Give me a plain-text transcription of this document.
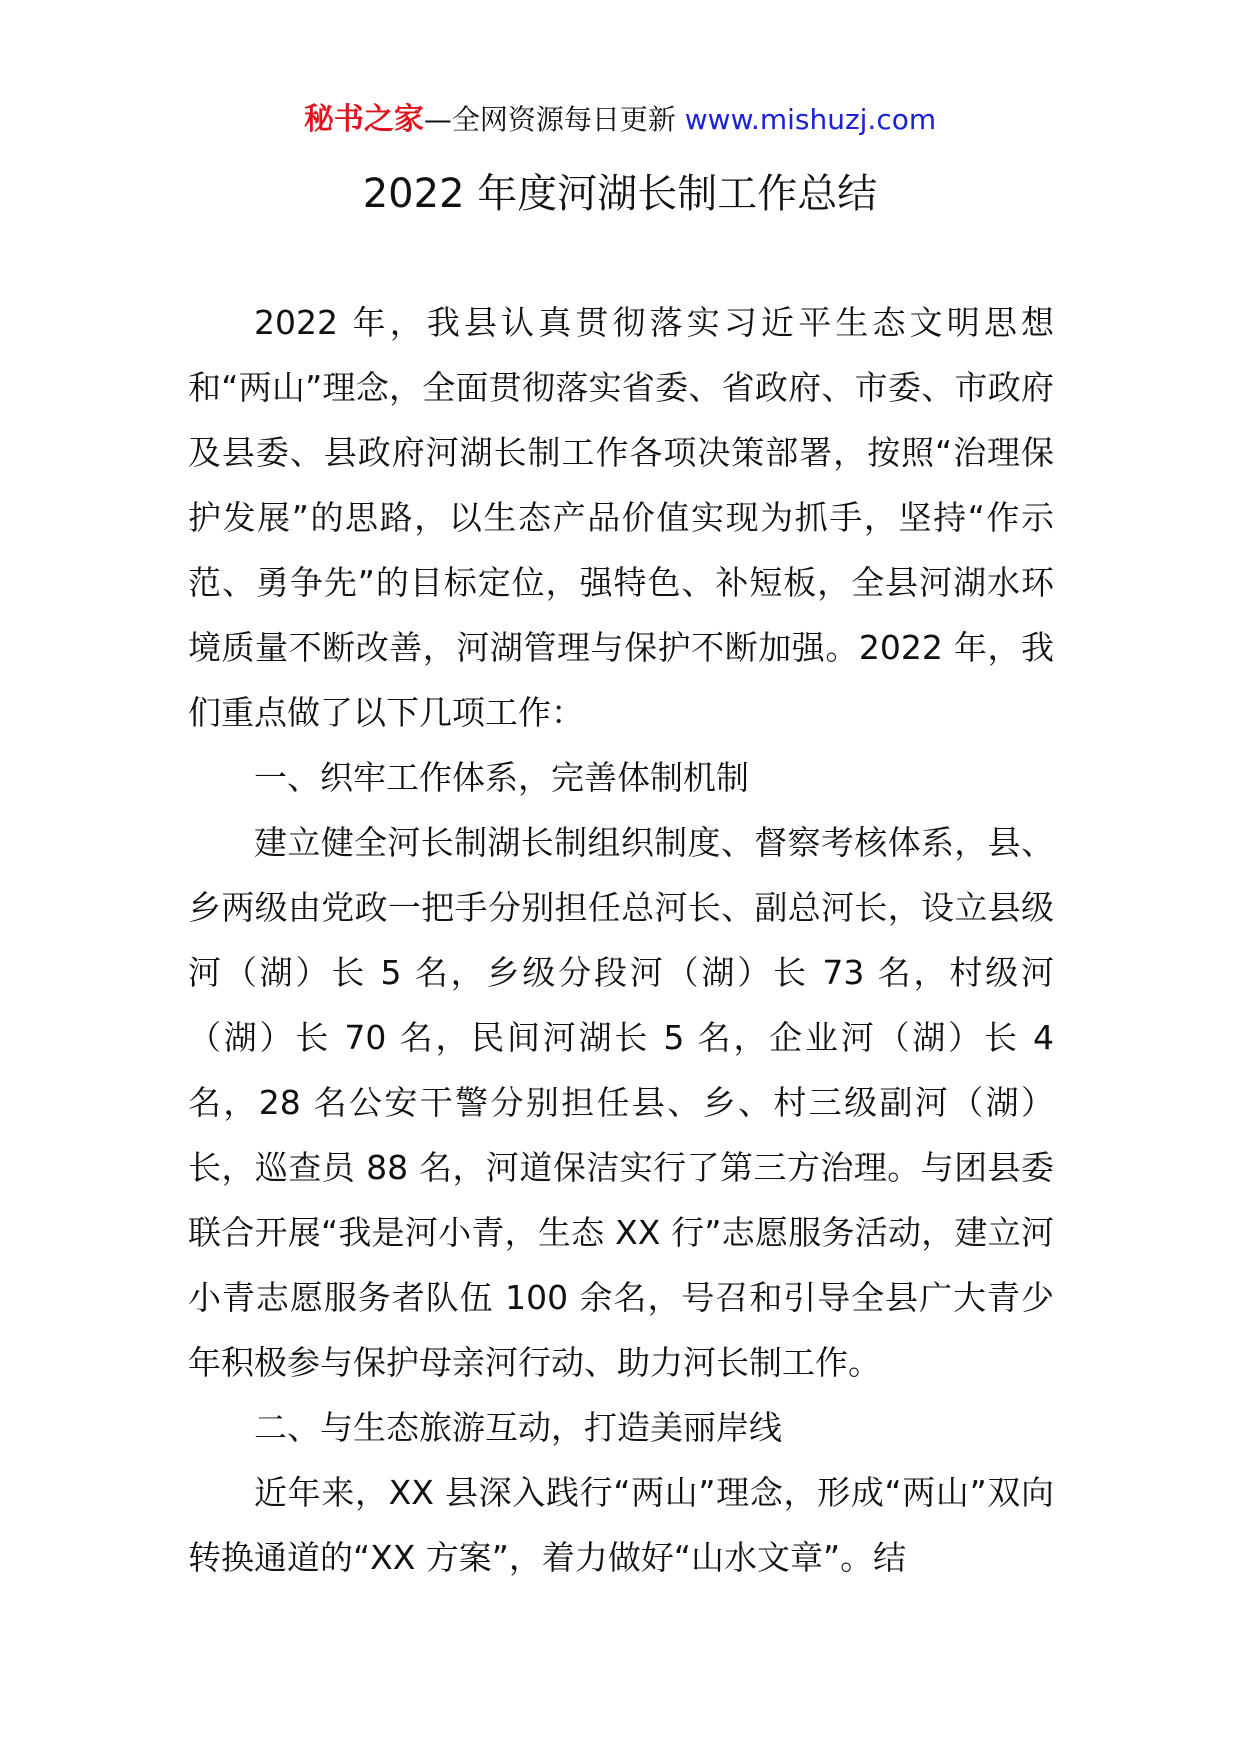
秘书之家—全网资源每日更新 www.mishuzj.com
2022 年度河湖长制工作总结

2022 年，我县认真贯彻落实习近平生态文明思想和“两山”理念，全面贯彻落实省委、省政府、市委、市政府及县委、县政府河湖长制工作各项决策部署，按照“治理保护发展”的思路，以生态产品价值实现为抓手，坚持“作示范、勇争先”的目标定位，强特色、补短板，全县河湖水环境质量不断改善，河湖管理与保护不断加强。2022 年，我们重点做了以下几项工作：

一、织牢工作体系，完善体制机制

建立健全河长制湖长制组织制度、督察考核体系，县、乡两级由党政一把手分别担任总河长、副总河长，设立县级河（湖）长 5 名，乡级分段河（湖）长 73 名，村级河（湖）长 70 名，民间河湖长 5 名，企业河（湖）长 4 名，28 名公安干警分别担任县、乡、村三级副河（湖）长，巡查员 88 名，河道保洁实行了第三方治理。与团县委联合开展“我是河小青，生态 XX 行”志愿服务活动，建立河小青志愿服务者队伍 100 余名，号召和引导全县广大青少年积极参与保护母亲河行动、助力河长制工作。

二、与生态旅游互动，打造美丽岸线

近年来，XX 县深入践行“两山”理念，形成“两山”双向转换通道的“XX 方案”，着力做好“山水文章”。结
